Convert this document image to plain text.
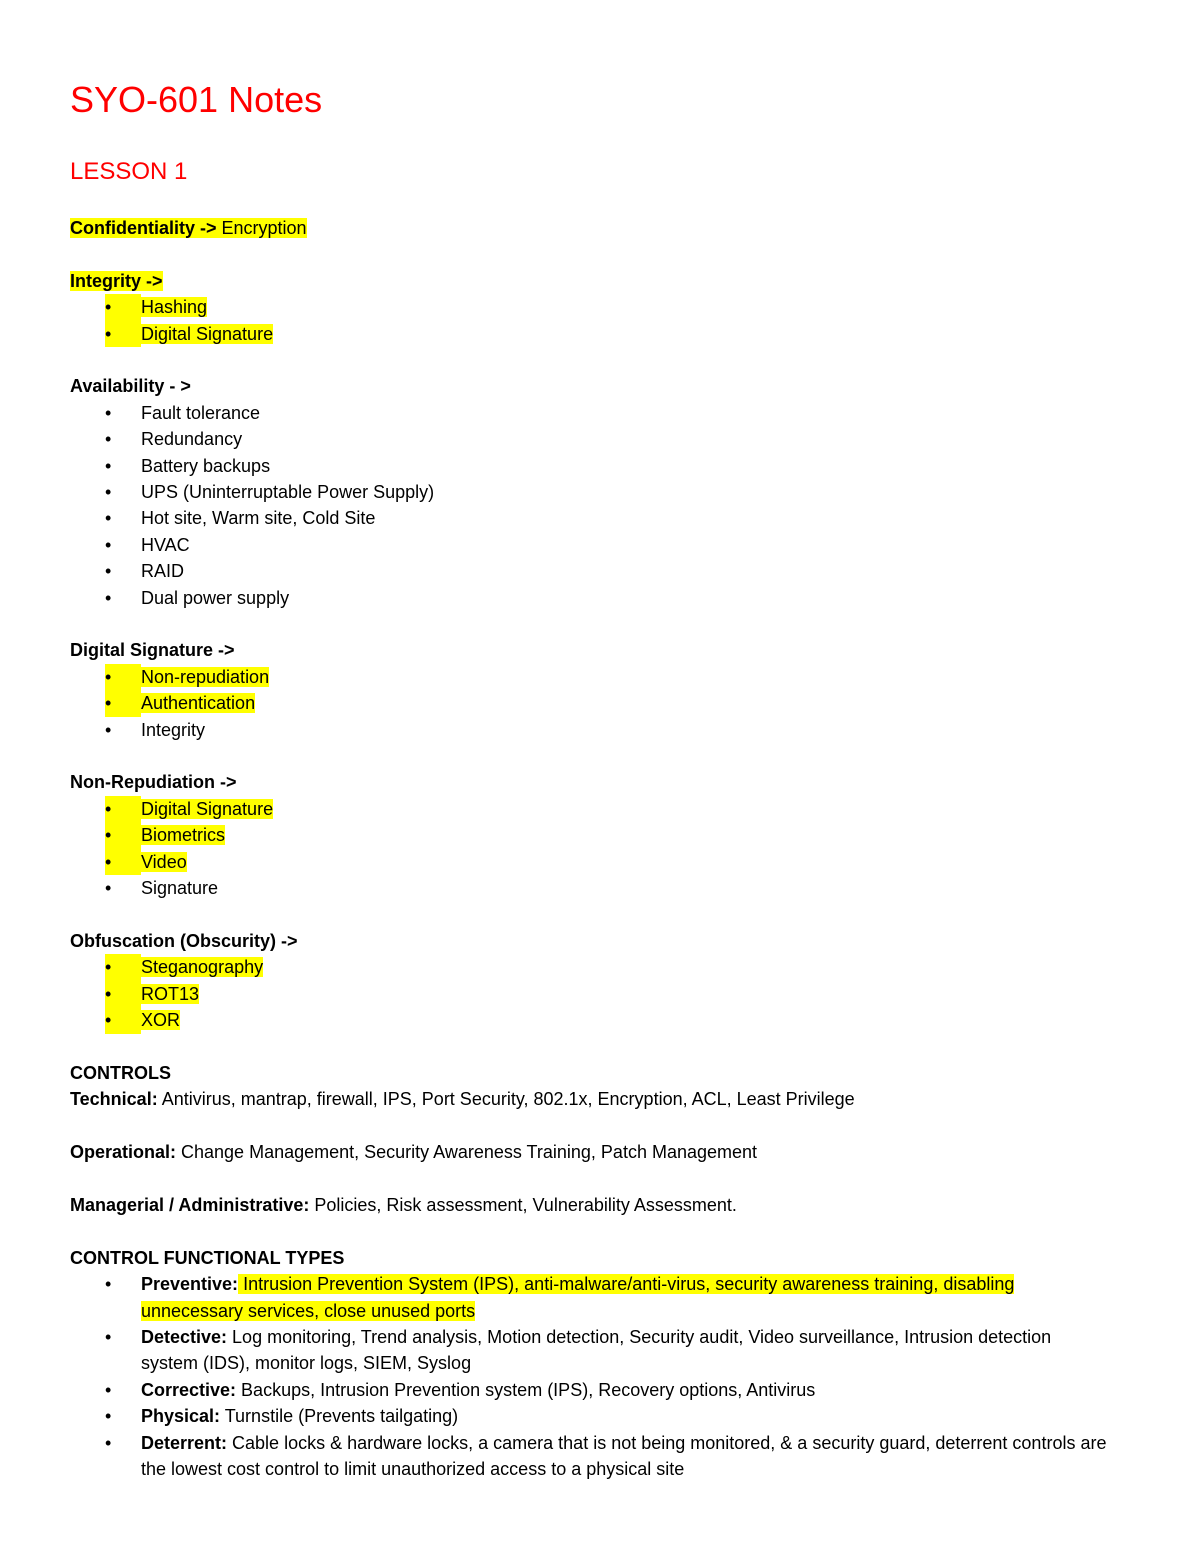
SYO-601 Notes
LESSON 1
Confidentiality -> Encryption
Integrity ->
•	Hashing
•	Digital Signature
Availability - >
•	Fault tolerance
•	Redundancy
•	Battery backups
•	UPS (Uninterruptable Power Supply)
•	Hot site, Warm site, Cold Site
•	HVAC
•	RAID
•	Dual power supply
Digital Signature ->
•	Non-repudiation
•	Authentication
•	Integrity
Non-Repudiation ->
•	Digital Signature
•	Biometrics
•	Video
•	Signature
Obfuscation (Obscurity) ->
•	Steganography
•	ROT13
•	XOR
CONTROLS
Technical: Antivirus, mantrap, firewall, IPS, Port Security, 802.1x, Encryption, ACL, Least Privilege
Operational: Change Management, Security Awareness Training, Patch Management
Managerial / Administrative: Policies, Risk assessment, Vulnerability Assessment.
CONTROL FUNCTIONAL TYPES
•	Preventive: Intrusion Prevention System (IPS), anti-malware/anti-virus, security awareness training, disabling unnecessary services, close unused ports
•	Detective: Log monitoring, Trend analysis, Motion detection, Security audit, Video surveillance, Intrusion detection system (IDS), monitor logs, SIEM, Syslog
•	Corrective: Backups, Intrusion Prevention system (IPS), Recovery options, Antivirus
•	Physical: Turnstile (Prevents tailgating)
•	Deterrent: Cable locks & hardware locks, a camera that is not being monitored, & a security guard, deterrent controls are the lowest cost control to limit unauthorized access to a physical site
